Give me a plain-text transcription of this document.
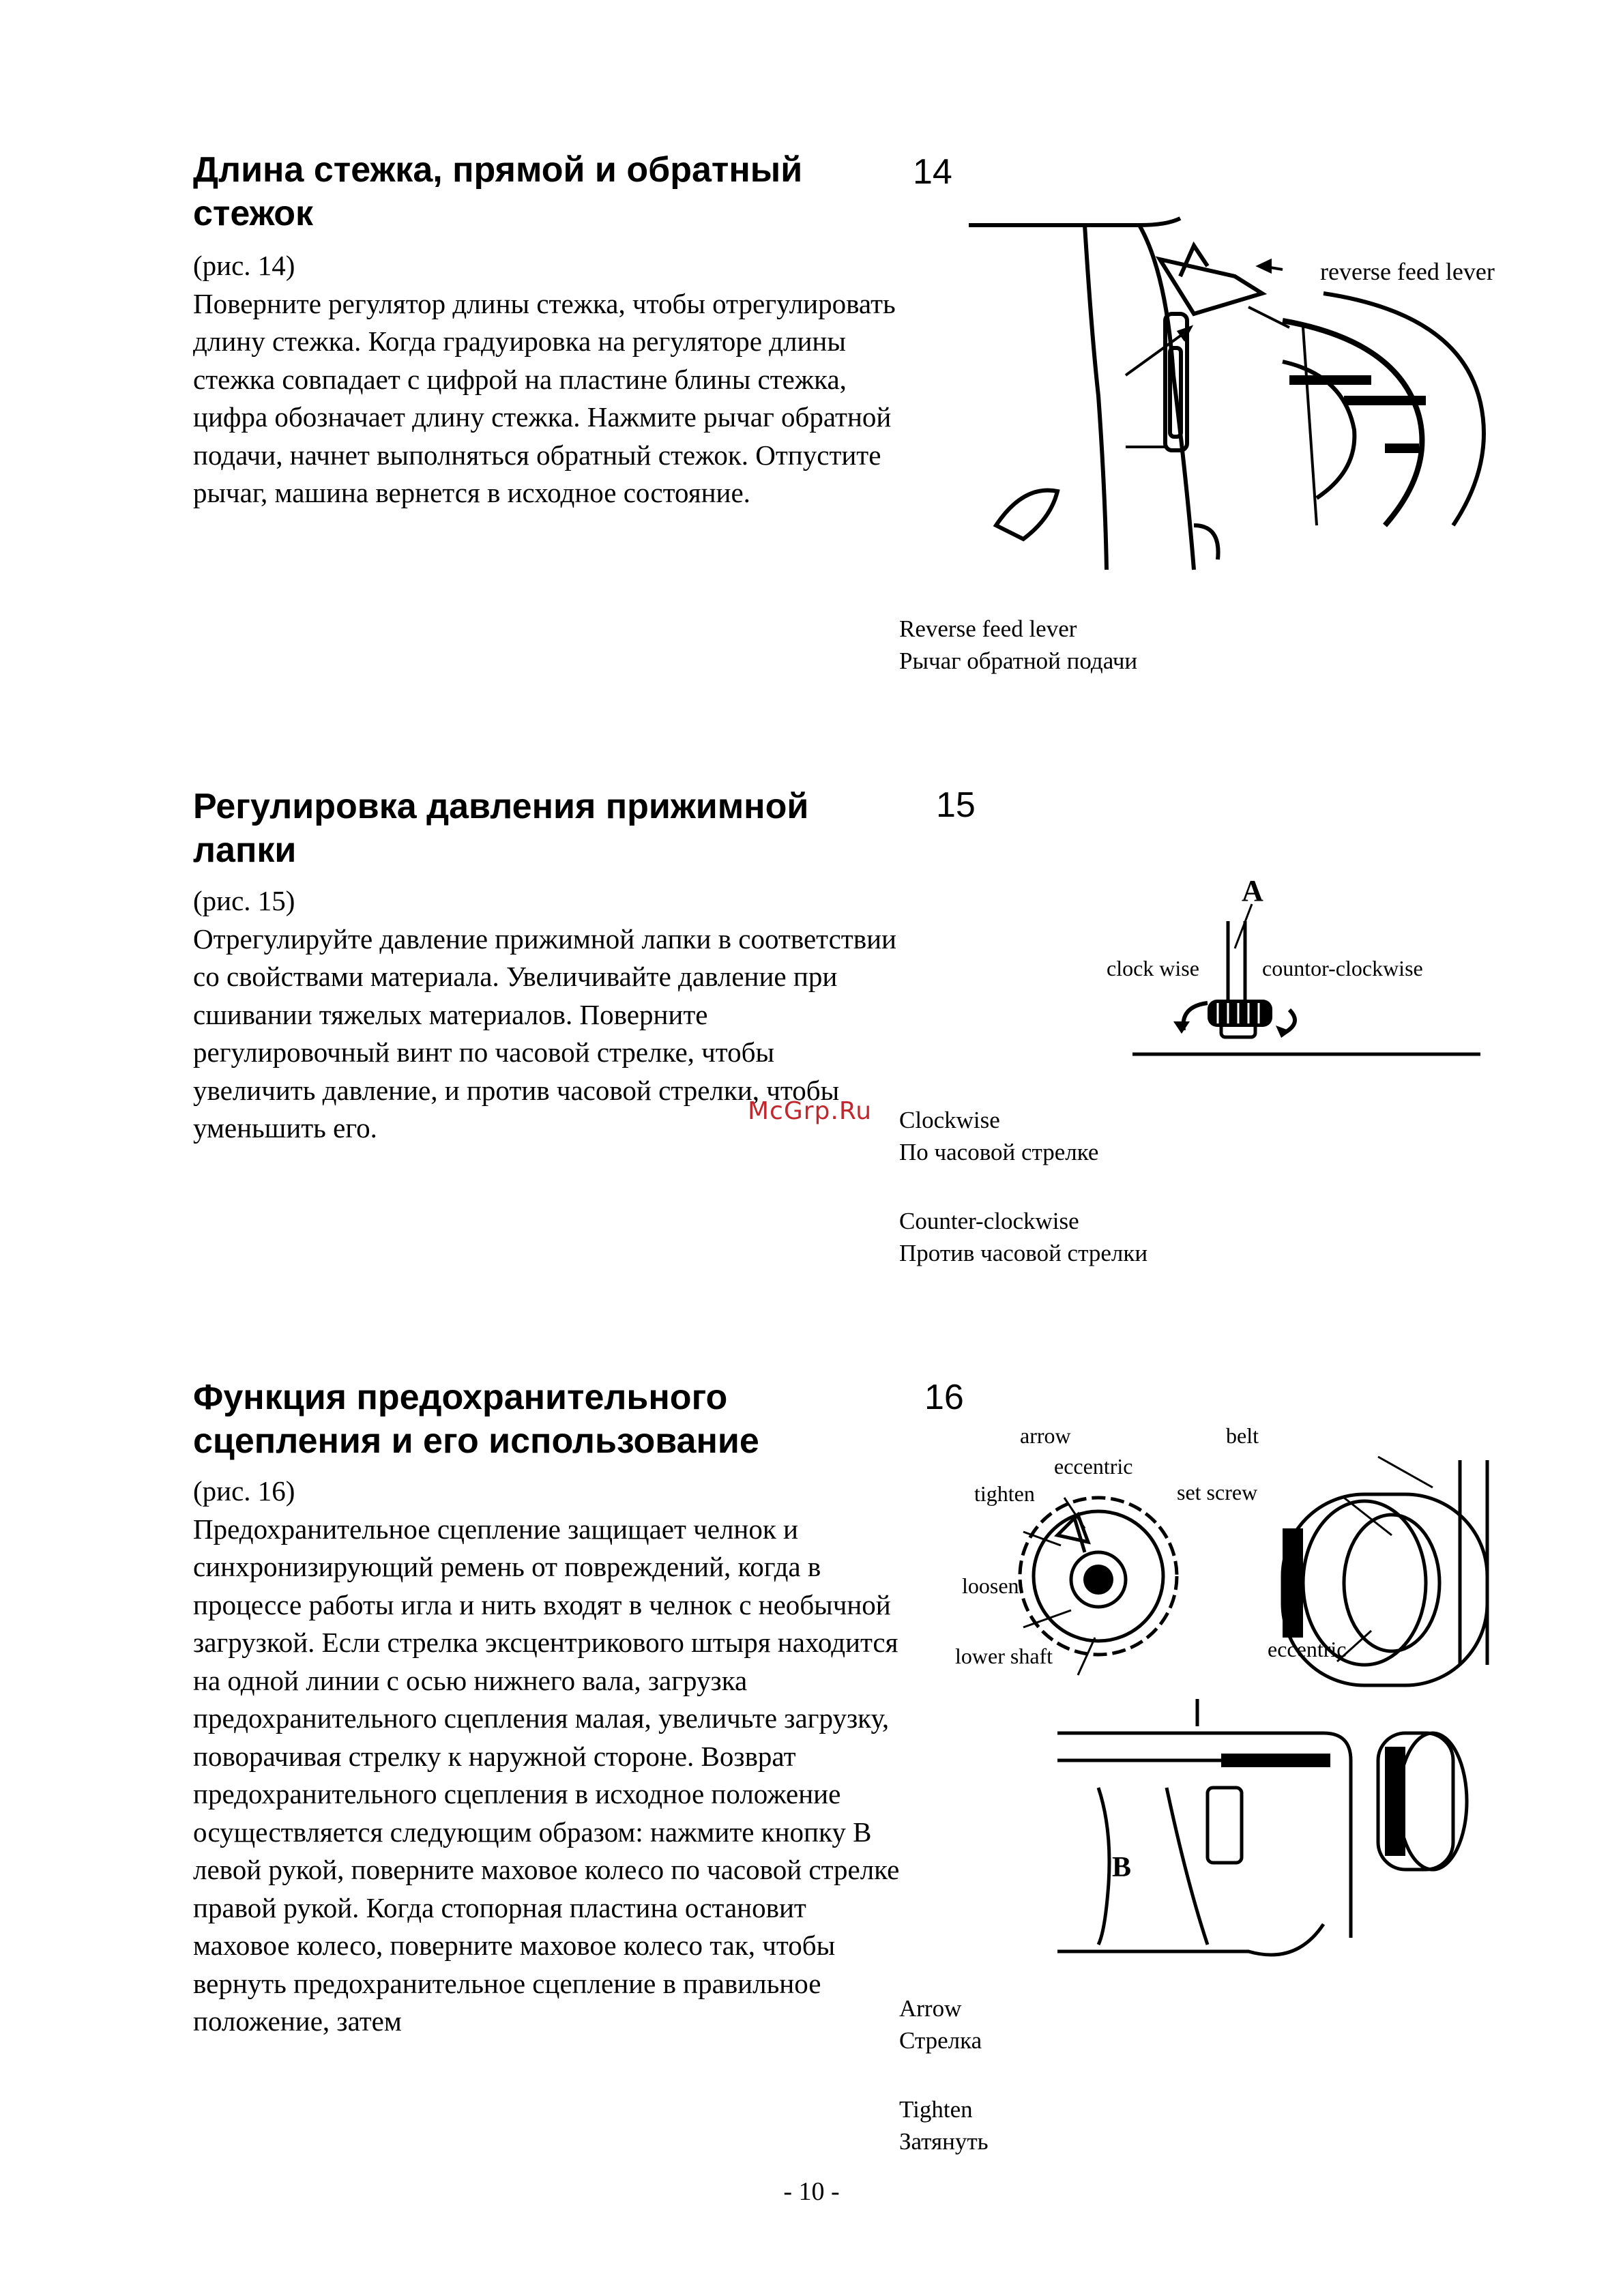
Длина стежка, прямой и обратный стежок

(рис. 14)

Поверните регулятор длины стежка, чтобы отрегулировать длину стежка. Когда градуировка на регуляторе длины стежка совпадает с цифрой на пластине блины стежка, цифра обозначает длину стежка. Нажмите рычаг обратной подачи, начнет выполняться обратный стежок. Отпустите рычаг, машина вернется в исходное состояние.

14
reverse feed lever
Reverse feed lever
Рычаг обратной подачи
Регулировка давления прижимной лапки

(рис. 15)

Отрегулируйте давление прижимной лапки в соответствии со свойствами материала. Увеличивайте давление при сшивании тяжелых материалов. Поверните регулировочный винт по часовой стрелке, чтобы увеличить давление, и против часовой стрелки, чтобы уменьшить его.

15
A
clock wise	countor-clockwise
Clockwise
По часовой стрелке
Counter-clockwise
Против часовой стрелки
McGrp.Ru
Функция предохранительного сцепления и его использование

(рис. 16)

Предохранительное сцепление защищает челнок и синхронизирующий ремень от повреждений, когда в процессе работы игла и нить входят в челнок с необычной загрузкой. Если стрелка эксцентрикового штыря находится на одной линии с осью нижнего вала, загрузка предохранительного сцепления малая, увеличьте загрузку, поворачивая стрелку к наружной стороне. Возврат предохранительного сцепления в исходное положение осуществляется следующим образом: нажмите кнопку В левой рукой, поверните маховое колесо по часовой стрелке правой рукой. Когда стопорная пластина остановит маховое колесо, поверните маховое колесо так, чтобы вернуть предохранительное сцепление в правильное положение, затем

16
arrow
eccentric
tighten
loosen
lower shaft
belt
set screw
eccentric
B
Arrow
Стрелка
Tighten
Затянуть
- 10 -
